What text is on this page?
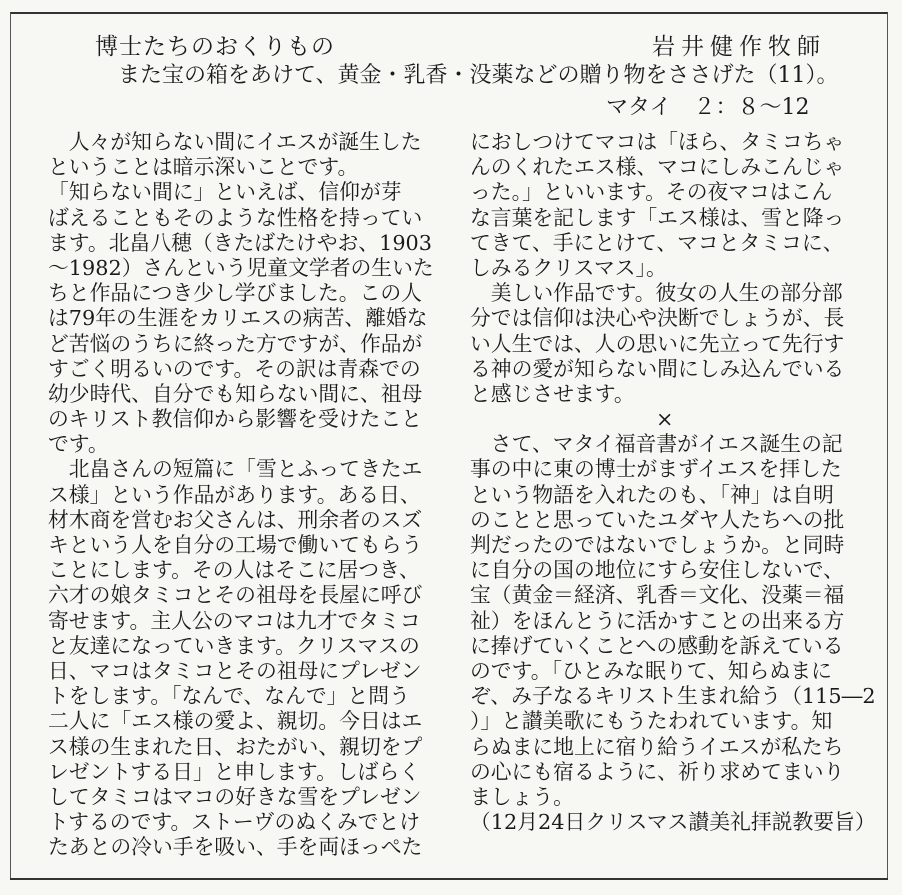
博士たちのおくりもの	岩井健作牧師
また宝の箱をあけて、黄金・乳香・没薬などの贈り物をささげた（11）。
マタイ　２：８～12
　人々が知らない間にイエスが誕生した
ということは暗示深いことです。
「知らない間に」といえば、信仰が芽
ばえることもそのような性格を持ってい
ます。北畠八穂（きたばたけやお、1903
～1982）さんという児童文学者の生いた
ちと作品につき少し学びました。この人
は79年の生涯をカリエスの病苦、離婚な
ど苦悩のうちに終った方ですが、作品が
すごく明るいのです。その訳は青森での
幼少時代、自分でも知らない間に、祖母
のキリスト教信仰から影響を受けたこと
です。
　北畠さんの短篇に「雪とふってきたエ
ス様」という作品があります。ある日、
材木商を営むお父さんは、刑余者のスズ
キという人を自分の工場で働いてもらう
ことにします。その人はそこに居つき、
六才の娘タミコとその祖母を長屋に呼び
寄せます。主人公のマコは九才でタミコ
と友達になっていきます。クリスマスの
日、マコはタミコとその祖母にプレゼン
トをします。「なんで、なんで」と問う
二人に「エス様の愛よ、親切。今日はエ
ス様の生まれた日、おたがい、親切をプ
レゼントする日」と申します。しばらく
してタミコはマコの好きな雪をプレゼン
トするのです。ストーヴのぬくみでとけ
たあとの冷い手を吸い、手を両ほっぺた
におしつけてマコは「ほら、タミコちゃ
んのくれたエス様、マコにしみこんじゃ
った。」といいます。その夜マコはこん
な言葉を記します「エス様は、雪と降っ
てきて、手にとけて、マコとタミコに、
しみるクリスマス」。
　美しい作品です。彼女の人生の部分部
分では信仰は決心や決断でしょうが、長
い人生では、人の思いに先立って先行す
る神の愛が知らない間にしみ込んでいる
と感じさせます。
×
　さて、マタイ福音書がイエス誕生の記
事の中に東の博士がまずイエスを拝した
という物語を入れたのも、「神」は自明
のことと思っていたユダヤ人たちへの批
判だったのではないでしょうか。と同時
に自分の国の地位にすら安住しないで、
宝（黄金＝経済、乳香＝文化、没薬＝福
祉）をほんとうに活かすことの出来る方
に捧げていくことへの感動を訴えている
のです。「ひとみな眠りて、知らぬまに
ぞ、み子なるキリスト生まれ給う（115―2
）」と讃美歌にもうたわれています。知
らぬまに地上に宿り給うイエスが私たち
の心にも宿るように、祈り求めてまいり
ましょう。
（12月24日クリスマス讃美礼拝説教要旨）
